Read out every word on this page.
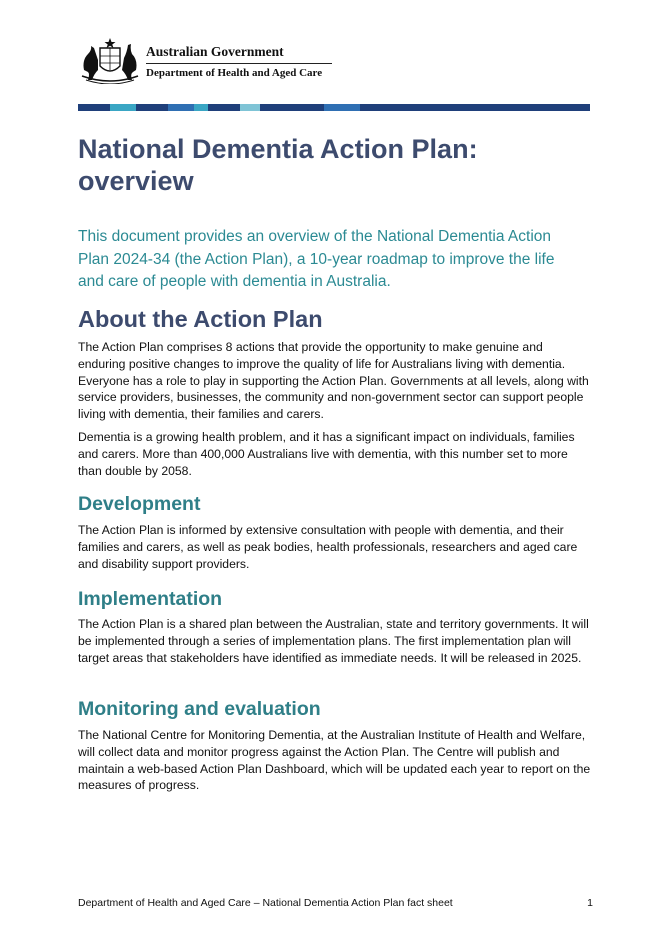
Australian Government
Department of Health and Aged Care
National Dementia Action Plan: overview

This document provides an overview of the National Dementia Action Plan 2024-34 (the Action Plan), a 10-year roadmap to improve the life and care of people with dementia in Australia.

About the Action Plan

The Action Plan comprises 8 actions that provide the opportunity to make genuine and enduring positive changes to improve the quality of life for Australians living with dementia. Everyone has a role to play in supporting the Action Plan. Governments at all levels, along with service providers, businesses, the community and non-government sector can support people living with dementia, their families and carers.

Dementia is a growing health problem, and it has a significant impact on individuals, families and carers. More than 400,000 Australians live with dementia, with this number set to more than double by 2058.

Development

The Action Plan is informed by extensive consultation with people with dementia, and their families and carers, as well as peak bodies, health professionals, researchers and aged care and disability support providers.

Implementation

The Action Plan is a shared plan between the Australian, state and territory governments. It will be implemented through a series of implementation plans. The first implementation plan will target areas that stakeholders have identified as immediate needs. It will be released in 2025.

Monitoring and evaluation

The National Centre for Monitoring Dementia, at the Australian Institute of Health and Welfare, will collect data and monitor progress against the Action Plan. The Centre will publish and maintain a web-based Action Plan Dashboard, which will be updated each year to report on the measures of progress.

Department of Health and Aged Care – National Dementia Action Plan fact sheet	1
